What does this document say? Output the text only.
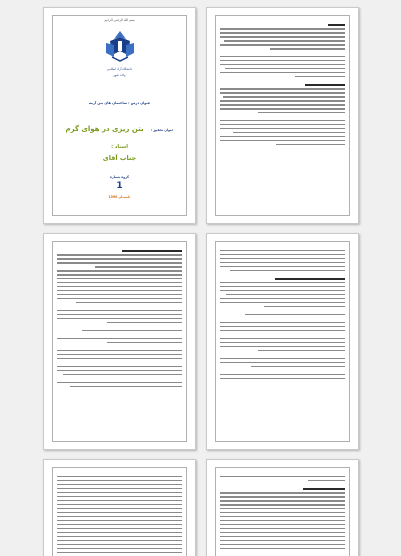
بسم الله الرحمن الرحیم
دانشگاه آزاد اسلامی
واحد شهر
عنوان درس : ساختمان های بتن آرمه
عنوان تحقیق : بتن ریزی در هوای گرم
استاد :
جناب آقای
گروه شماره
1
تابستان 1390
